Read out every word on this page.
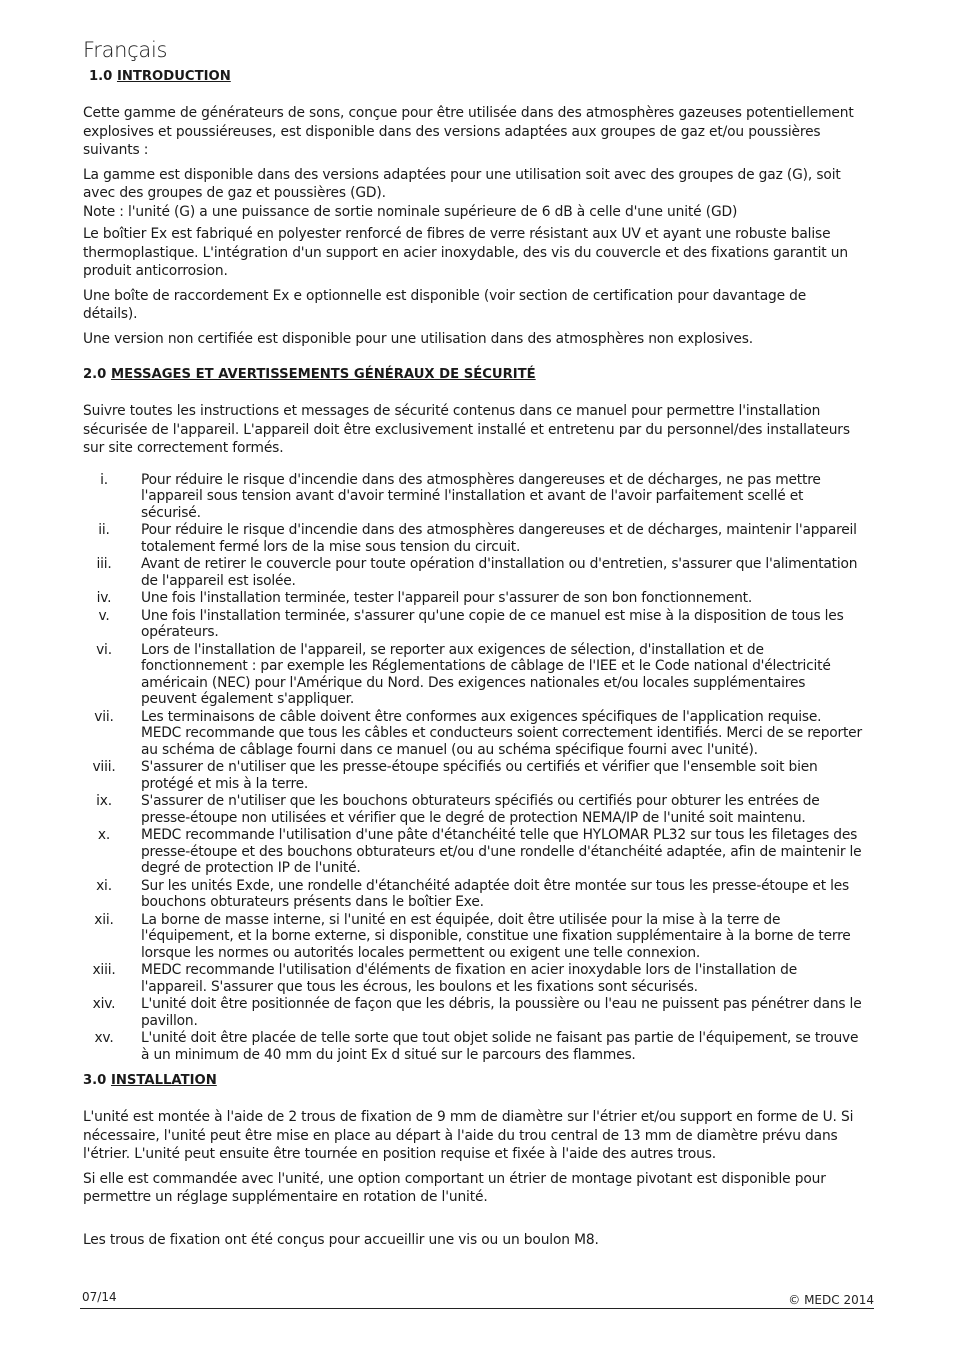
Français
1.0 INTRODUCTION
Cette gamme de générateurs de sons, conçue pour être utilisée dans des atmosphères gazeuses potentiellement explosives et poussiéreuses, est disponible dans des versions adaptées aux groupes de gaz et/ou poussières suivants :
La gamme est disponible dans des versions adaptées pour une utilisation soit avec des groupes de gaz (G), soit avec des groupes de gaz et poussières (GD).
Note : l'unité (G) a une puissance de sortie nominale supérieure de 6 dB à celle d'une unité (GD)
Le boîtier Ex est fabriqué en polyester renforcé de fibres de verre résistant aux UV et ayant une robuste balise thermoplastique. L'intégration d'un support en acier inoxydable, des vis du couvercle et des fixations garantit un produit anticorrosion.
Une boîte de raccordement Ex e optionnelle est disponible (voir section de certification pour davantage de détails).
Une version non certifiée est disponible pour une utilisation dans des atmosphères non explosives.
2.0 MESSAGES ET AVERTISSEMENTS GÉNÉRAUX DE SÉCURITÉ
Suivre toutes les instructions et messages de sécurité contenus dans ce manuel pour permettre l'installation sécurisée de l'appareil. L'appareil doit être exclusivement installé et entretenu par du personnel/des installateurs sur site correctement formés.
i.	Pour réduire le risque d'incendie dans des atmosphères dangereuses et de décharges, ne pas mettre l'appareil sous tension avant d'avoir terminé l'installation et avant de l'avoir parfaitement scellé et sécurisé.
ii.	Pour réduire le risque d'incendie dans des atmosphères dangereuses et de décharges, maintenir l'appareil totalement fermé lors de la mise sous tension du circuit.
iii.	Avant de retirer le couvercle pour toute opération d'installation ou d'entretien, s'assurer que l'alimentation de l'appareil est isolée.
iv.	Une fois l'installation terminée, tester l'appareil pour s'assurer de son bon fonctionnement.
v.	Une fois l'installation terminée, s'assurer qu'une copie de ce manuel est mise à la disposition de tous les opérateurs.
vi.	Lors de l'installation de l'appareil, se reporter aux exigences de sélection, d'installation et de fonctionnement : par exemple les Réglementations de câblage de l'IEE et le Code national d'électricité américain (NEC) pour l'Amérique du Nord. Des exigences nationales et/ou locales supplémentaires peuvent également s'appliquer.
vii.	Les terminaisons de câble doivent être conformes aux exigences spécifiques de l'application requise. MEDC recommande que tous les câbles et conducteurs soient correctement identifiés. Merci de se reporter au schéma de câblage fourni dans ce manuel (ou au schéma spécifique fourni avec l'unité).
viii.	S'assurer de n'utiliser que les presse-étoupe spécifiés ou certifiés et vérifier que l'ensemble soit bien protégé et mis à la terre.
ix.	S'assurer de n'utiliser que les bouchons obturateurs spécifiés ou certifiés pour obturer les entrées de presse-étoupe non utilisées et vérifier que le degré de protection NEMA/IP de l'unité soit maintenu.
x.	MEDC recommande l'utilisation d'une pâte d'étanchéité telle que HYLOMAR PL32 sur tous les filetages des presse-étoupe et des bouchons obturateurs et/ou d'une rondelle d'étanchéité adaptée, afin de maintenir le degré de protection IP de l'unité.
xi.	Sur les unités Exde, une rondelle d'étanchéité adaptée doit être montée sur tous les presse-étoupe et les bouchons obturateurs présents dans le boîtier Exe.
xii.	La borne de masse interne, si l'unité en est équipée, doit être utilisée pour la mise à la terre de l'équipement, et la borne externe, si disponible, constitue une fixation supplémentaire à la borne de terre lorsque les normes ou autorités locales permettent ou exigent une telle connexion.
xiii.	MEDC recommande l'utilisation d'éléments de fixation en acier inoxydable lors de l'installation de l'appareil. S'assurer que tous les écrous, les boulons et les fixations sont sécurisés.
xiv.	L'unité doit être positionnée de façon que les débris, la poussière ou l'eau ne puissent pas pénétrer dans le pavillon.
xv.	L'unité doit être placée de telle sorte que tout objet solide ne faisant pas partie de l'équipement, se trouve à un minimum de 40 mm du joint Ex d situé sur le parcours des flammes.
3.0 INSTALLATION
L'unité est montée à l'aide de 2 trous de fixation de 9 mm de diamètre sur l'étrier et/ou support en forme de U. Si nécessaire, l'unité peut être mise en place au départ à l'aide du trou central de 13 mm de diamètre prévu dans l'étrier. L'unité peut ensuite être tournée en position requise et fixée à l'aide des autres trous.
Si elle est commandée avec l'unité, une option comportant un étrier de montage pivotant est disponible pour permettre un réglage supplémentaire en rotation de l'unité.
Les trous de fixation ont été conçus pour accueillir une vis ou un boulon M8.
07/14	© MEDC 2014
